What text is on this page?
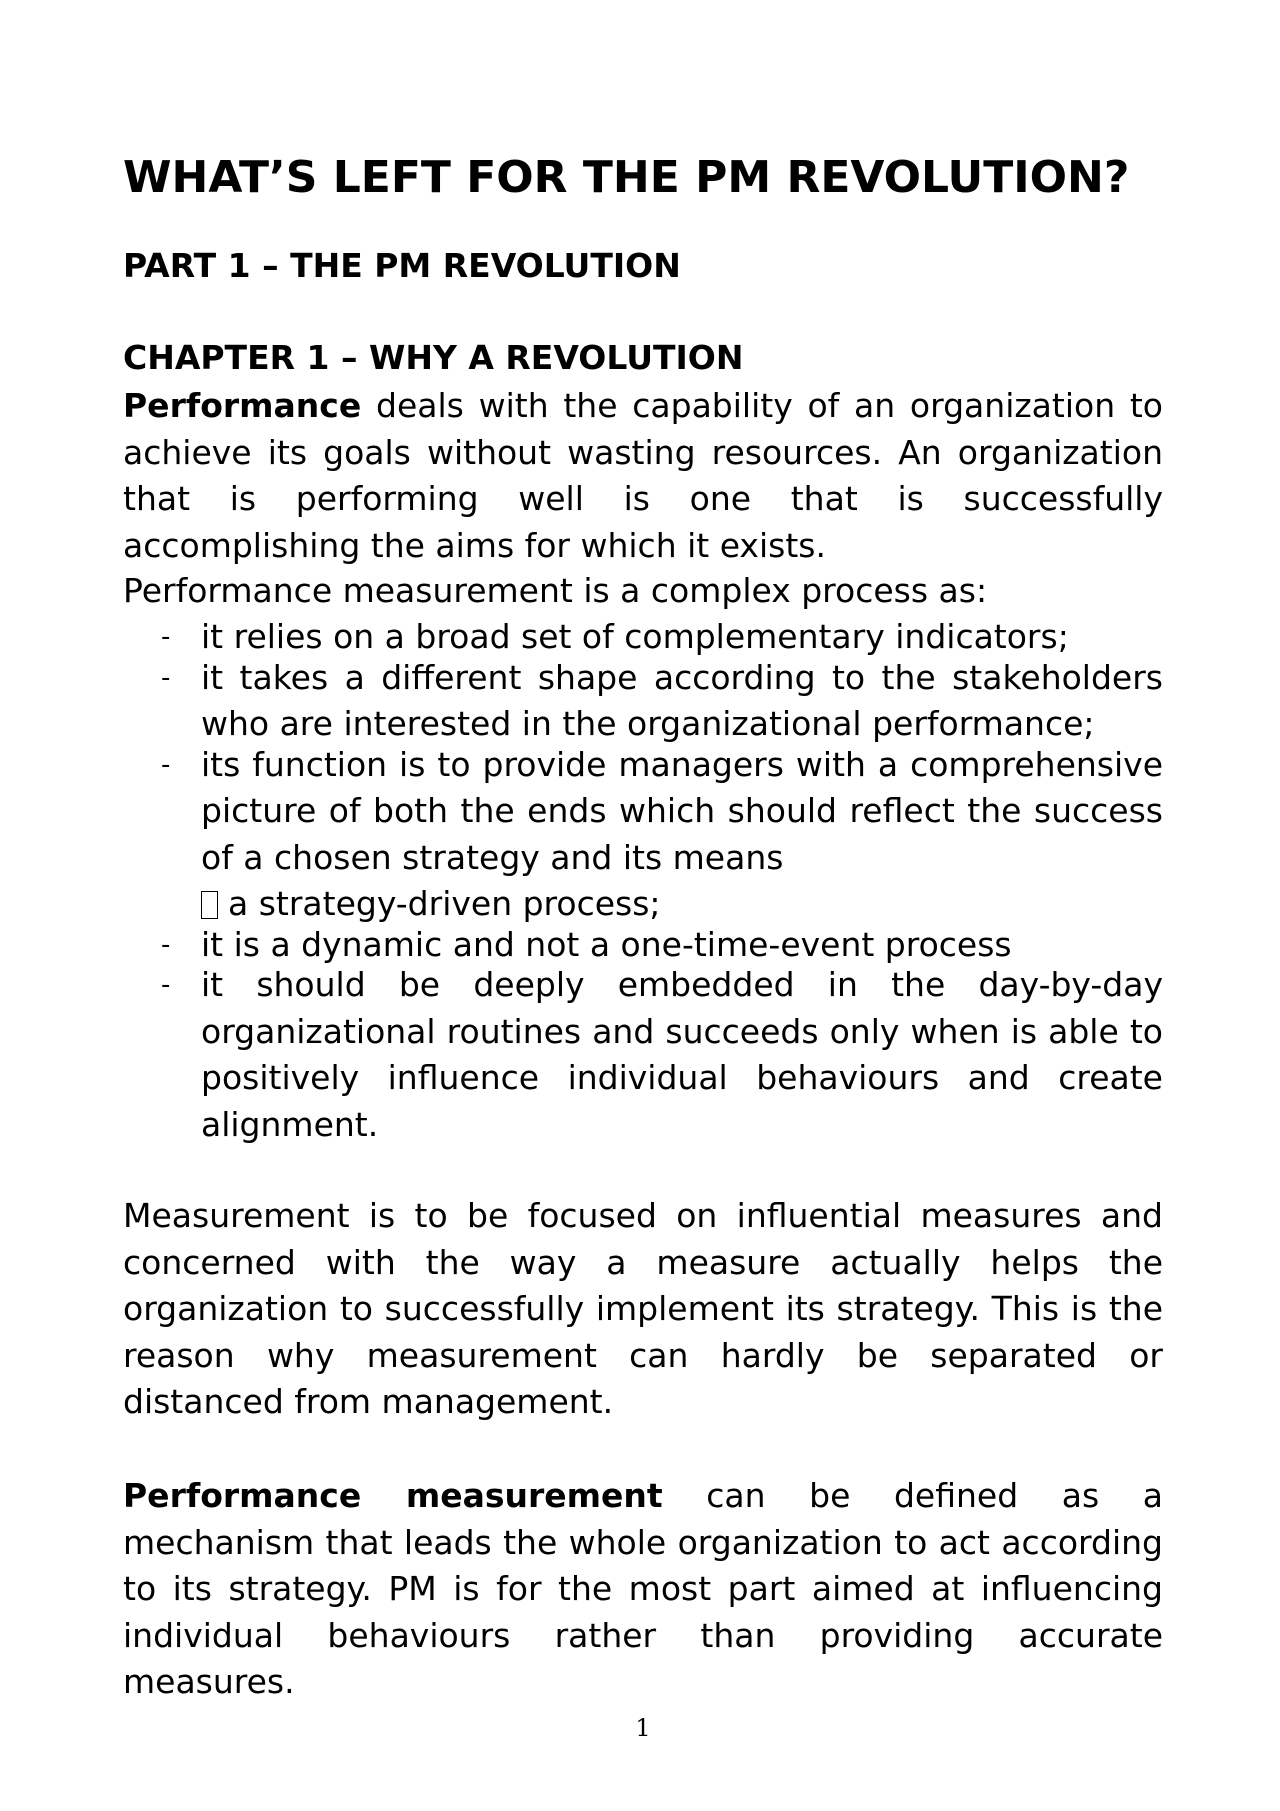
WHAT’S LEFT FOR THE PM REVOLUTION?
PART 1 – THE PM REVOLUTION
CHAPTER 1 – WHY A REVOLUTION

Performance deals with the capability of an organization to achieve its goals without wasting resources. An organization that is performing well is one that is successfully accomplishing the aims for which it exists.

Performance measurement is a complex process as:

- it relies on a broad set of complementary indicators;
- it takes a different shape according to the stakeholders who are interested in the organizational performance;
- its function is to provide managers with a comprehensive picture of both the ends which should reflect the success of a chosen strategy and its means
a strategy-driven process;
- it is a dynamic and not a one-time-event process
- it should be deeply embedded in the day-by-day organizational routines and succeeds only when is able to positively influence individual behaviours and create alignment.

Measurement is to be focused on influential measures and concerned with the way a measure actually helps the organization to successfully implement its strategy. This is the reason why measurement can hardly be separated or distanced from management.

Performance measurement can be defined as a mechanism that leads the whole organization to act according to its strategy. PM is for the most part aimed at influencing individual behaviours rather than providing accurate measures.

1
